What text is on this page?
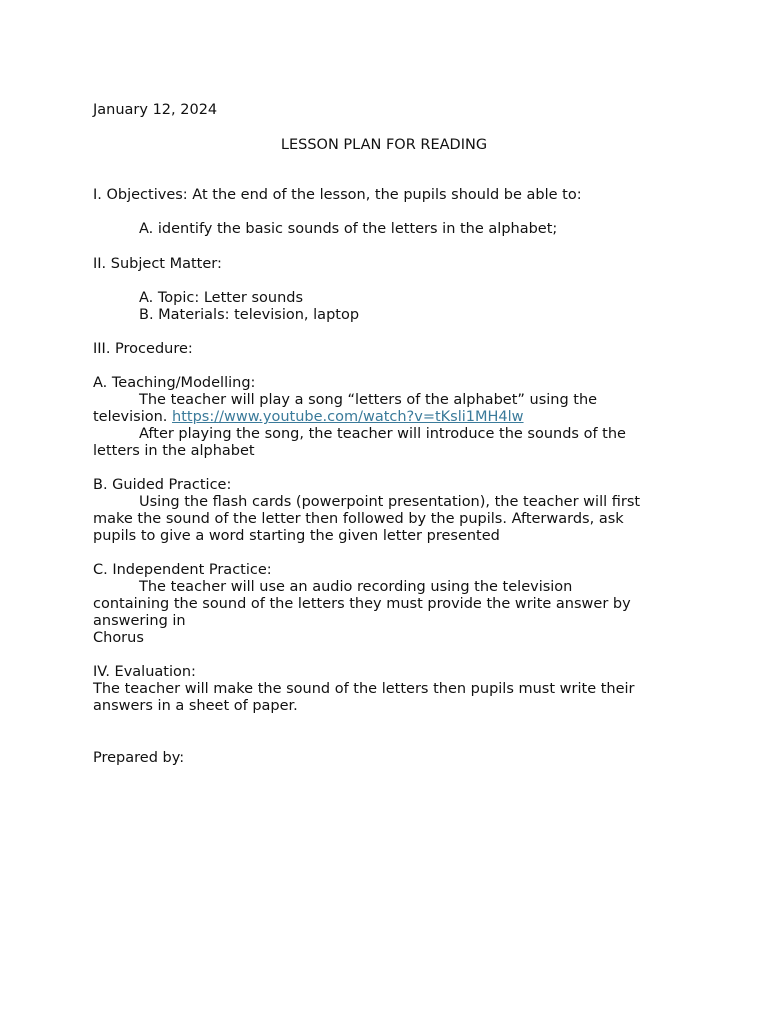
January 12, 2024
LESSON PLAN FOR READING
I. Objectives: At the end of the lesson, the pupils should be able to:
A. identify the basic sounds of the letters in the alphabet;
II. Subject Matter:
A. Topic: Letter sounds
B. Materials: television, laptop
III. Procedure:
A. Teaching/Modelling:
The teacher will play a song “letters of the alphabet” using the
television. https://www.youtube.com/watch?v=tKsli1MH4lw
After playing the song, the teacher will introduce the sounds of the
letters in the alphabet
B. Guided Practice:
Using the flash cards (powerpoint presentation), the teacher will first
make the sound of the letter then followed by the pupils. Afterwards, ask
pupils to give a word starting the given letter presented
C. Independent Practice:
The teacher will use an audio recording using the television
containing the sound of the letters they must provide the write answer by
answering in
Chorus
IV. Evaluation:
The teacher will make the sound of the letters then pupils must write their
answers in a sheet of paper.
Prepared by:
